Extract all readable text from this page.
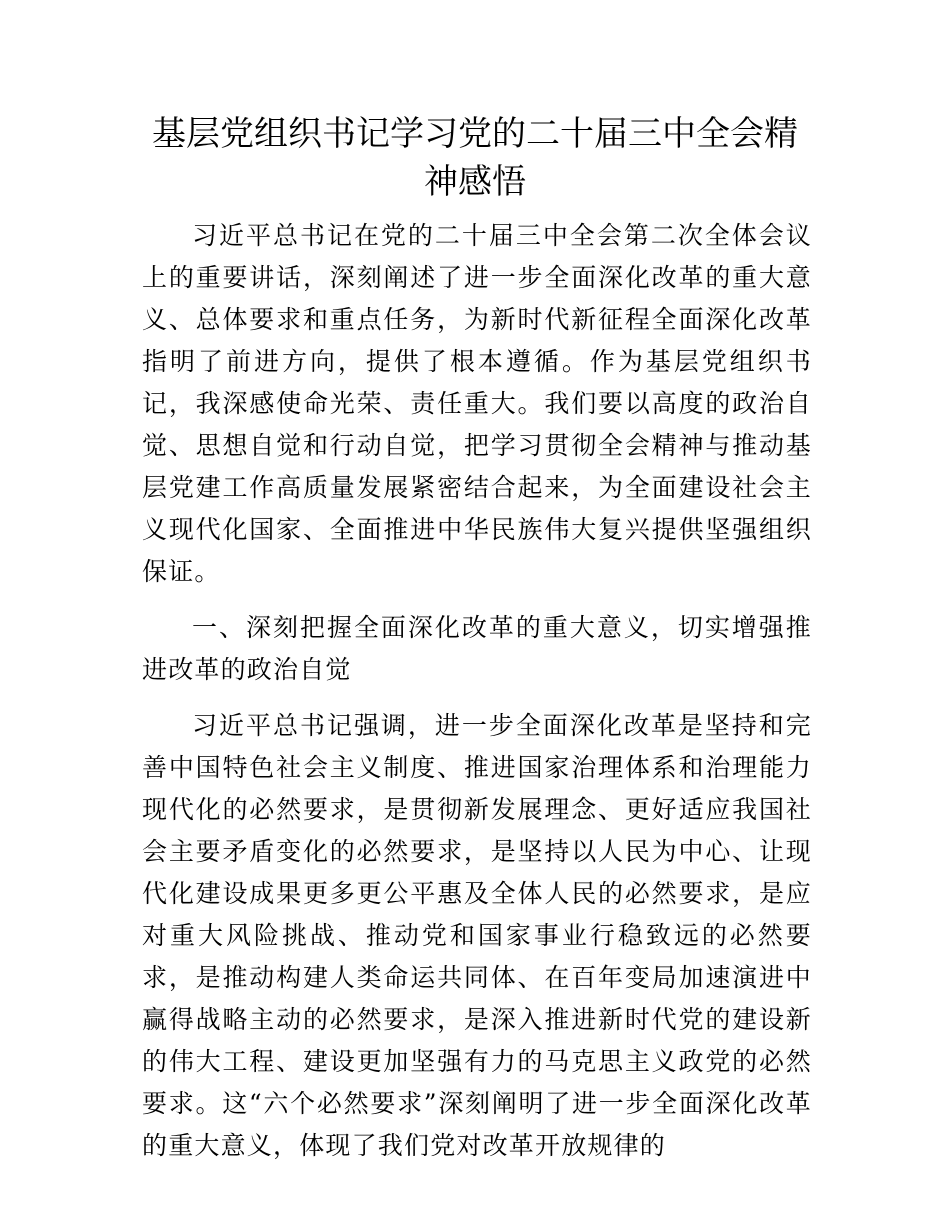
基层党组织书记学习党的二十届三中全会精神感悟

习近平总书记在党的二十届三中全会第二次全体会议上的重要讲话，深刻阐述了进一步全面深化改革的重大意义、总体要求和重点任务，为新时代新征程全面深化改革指明了前进方向，提供了根本遵循。作为基层党组织书记，我深感使命光荣、责任重大。我们要以高度的政治自觉、思想自觉和行动自觉，把学习贯彻全会精神与推动基层党建工作高质量发展紧密结合起来，为全面建设社会主义现代化国家、全面推进中华民族伟大复兴提供坚强组织保证。

一、深刻把握全面深化改革的重大意义，切实增强推进改革的政治自觉

习近平总书记强调，进一步全面深化改革是坚持和完善中国特色社会主义制度、推进国家治理体系和治理能力现代化的必然要求，是贯彻新发展理念、更好适应我国社会主要矛盾变化的必然要求，是坚持以人民为中心、让现代化建设成果更多更公平惠及全体人民的必然要求，是应对重大风险挑战、推动党和国家事业行稳致远的必然要求，是推动构建人类命运共同体、在百年变局加速演进中赢得战略主动的必然要求，是深入推进新时代党的建设新的伟大工程、建设更加坚强有力的马克思主义政党的必然要求。这“六个必然要求”深刻阐明了进一步全面深化改革的重大意义，体现了我们党对改革开放规律的
